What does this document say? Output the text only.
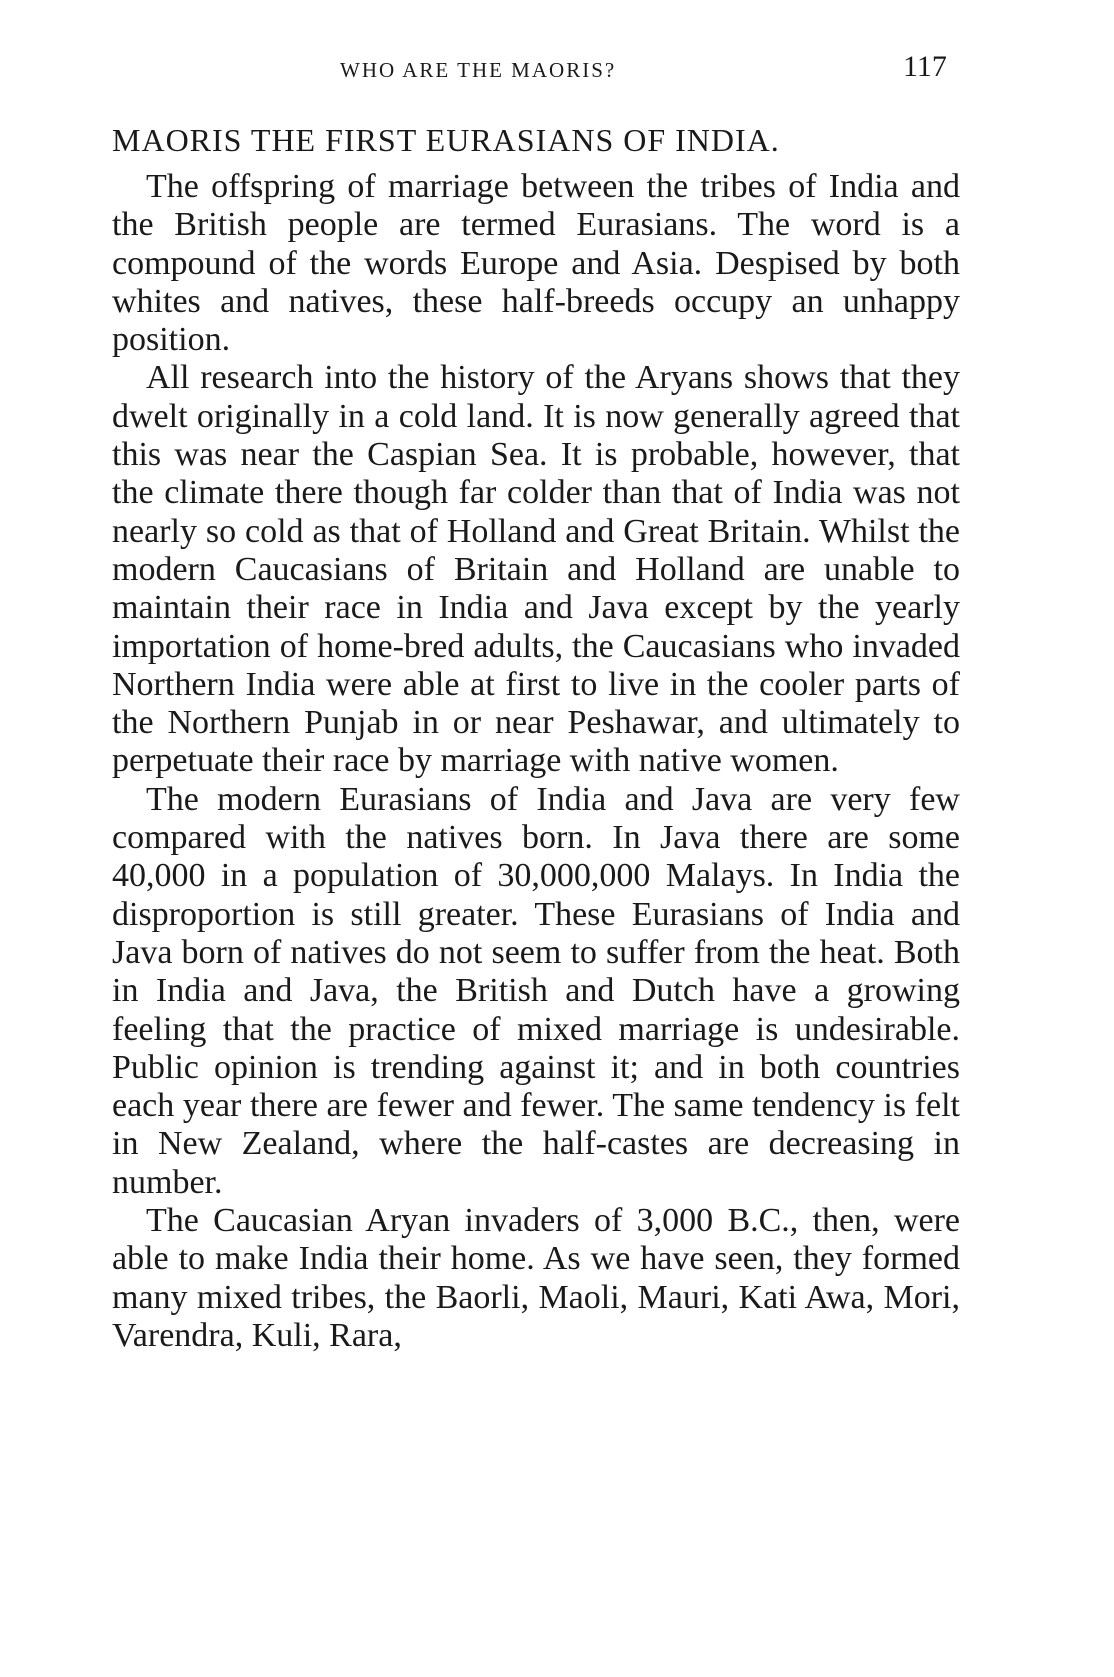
WHO ARE THE MAORIS?	117
MAORIS THE FIRST EURASIANS OF INDIA.

The offspring of marriage between the tribes of India and the British people are termed Eurasians. The word is a compound of the words Europe and Asia. Despised by both whites and natives, these half-breeds occupy an unhappy position.

All research into the history of the Aryans shows that they dwelt originally in a cold land. It is now generally agreed that this was near the Caspian Sea. It is probable, however, that the climate there though far colder than that of India was not nearly so cold as that of Holland and Great Britain. Whilst the modern Caucasians of Britain and Holland are unable to maintain their race in India and Java except by the yearly importation of home-bred adults, the Caucasians who invaded Northern India were able at first to live in the cooler parts of the Northern Punjab in or near Peshawar, and ultimately to perpetuate their race by marriage with native women.

The modern Eurasians of India and Java are very few compared with the natives born. In Java there are some 40,000 in a population of 30,000,000 Malays. In India the disproportion is still greater. These Eurasians of India and Java born of natives do not seem to suffer from the heat. Both in India and Java, the British and Dutch have a growing feeling that the practice of mixed marriage is undesirable. Public opinion is trending against it; and in both countries each year there are fewer and fewer. The same tendency is felt in New Zealand, where the half-castes are decreasing in number.

The Caucasian Aryan invaders of 3,000 B.C., then, were able to make India their home. As we have seen, they formed many mixed tribes, the Baorli, Maoli, Mauri, Kati Awa, Mori, Varendra, Kuli, Rara,
